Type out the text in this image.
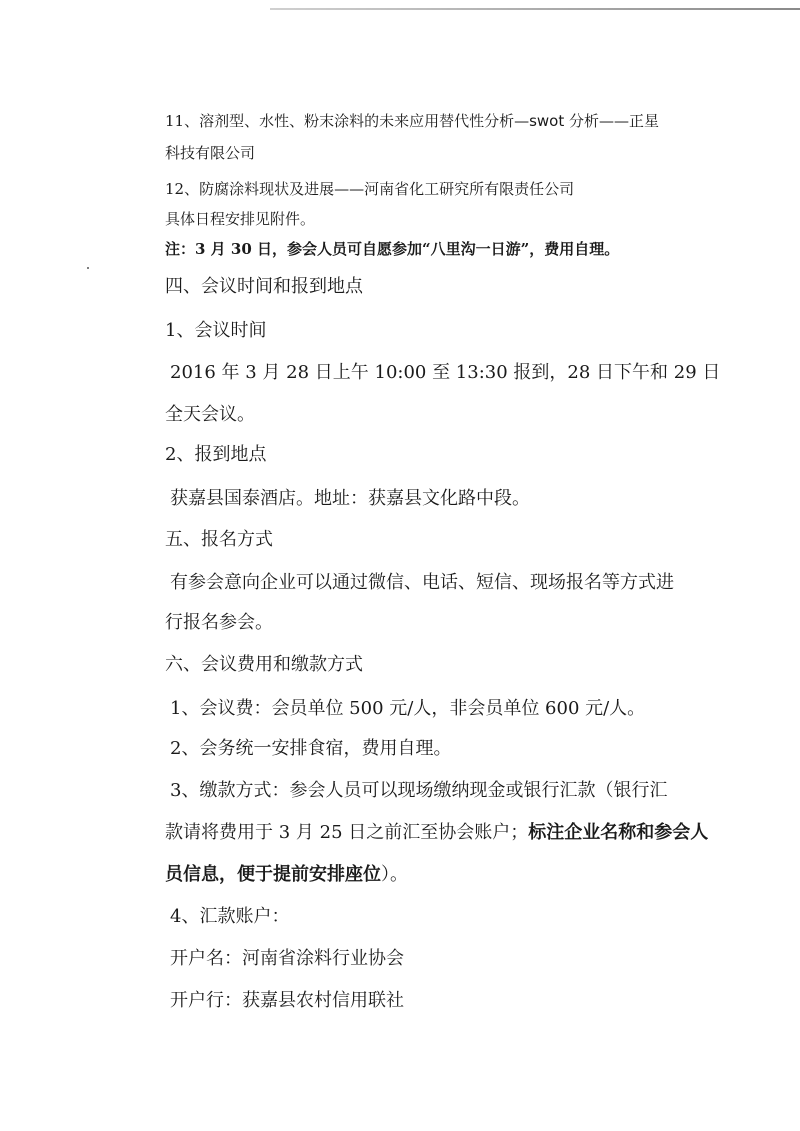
11、溶剂型、水性、粉末涂料的未来应用替代性分析—swot 分析——正星
科技有限公司
12、防腐涂料现状及进展——河南省化工研究所有限责任公司
具体日程安排见附件。
注：3 月 30 日，参会人员可自愿参加“八里沟一日游”，费用自理。
四、会议时间和报到地点
1、会议时间
2016 年 3 月 28 日上午 10:00 至 13:30 报到，28 日下午和 29 日
全天会议。
2、报到地点
获嘉县国泰酒店。地址：获嘉县文化路中段。
五、报名方式
有参会意向企业可以通过微信、电话、短信、现场报名等方式进
行报名参会。
六、会议费用和缴款方式
1、会议费：会员单位 500 元/人，非会员单位 600 元/人。
2、会务统一安排食宿，费用自理。
3、缴款方式：参会人员可以现场缴纳现金或银行汇款（银行汇
款请将费用于 3 月 25 日之前汇至协会账户；标注企业名称和参会人
员信息，便于提前安排座位）。
4、汇款账户：
开户名：河南省涂料行业协会
开户行：获嘉县农村信用联社
